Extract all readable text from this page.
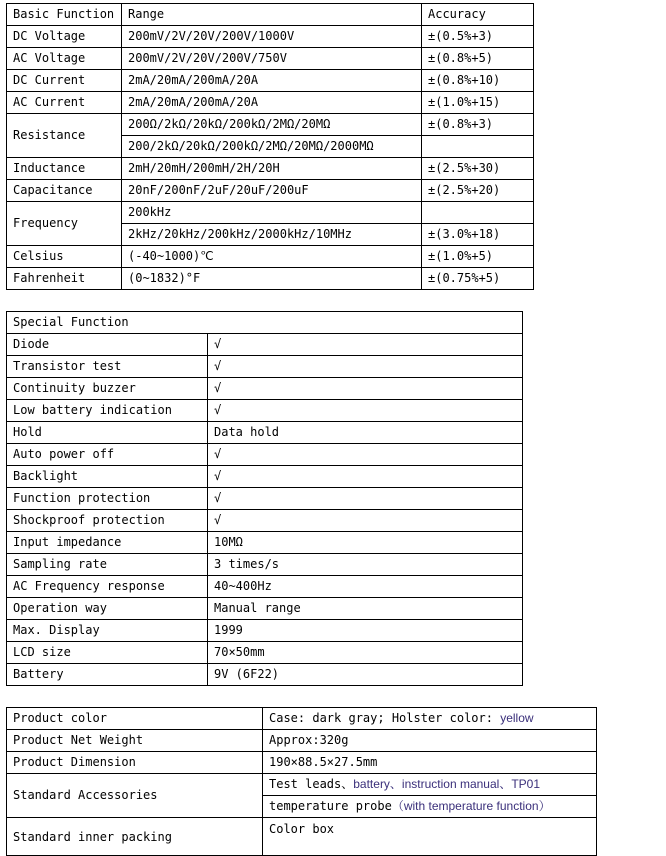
Basic Function	Range	Accuracy
DC Voltage	200mV/2V/20V/200V/1000V	±(0.5%+3)
AC Voltage	200mV/2V/20V/200V/750V	±(0.8%+5)
DC Current	2mA/20mA/200mA/20A	±(0.8%+10)
AC Current	2mA/20mA/200mA/20A	±(1.0%+15)
Resistance	200Ω/2kΩ/20kΩ/200kΩ/2MΩ/20MΩ	±(0.8%+3)
	200/2kΩ/20kΩ/200kΩ/2MΩ/20MΩ/2000MΩ	
Inductance	2mH/20mH/200mH/2H/20H	±(2.5%+30)
Capacitance	20nF/200nF/2uF/20uF/200uF	±(2.5%+20)
Frequency	200kHz	
	2kHz/20kHz/200kHz/2000kHz/10MHz	±(3.0%+18)
Celsius	(-40~1000)℃	±(1.0%+5)
Fahrenheit	(0~1832)°F	±(0.75%+5)
Special Function	
Diode	√
Transistor test	√
Continuity buzzer	√
Low battery indication	√
Hold	Data hold
Auto power off	√
Backlight	√
Function protection	√
Shockproof protection	√
Input impedance	10MΩ
Sampling rate	3 times/s
AC Frequency response	40~400Hz
Operation way	Manual range
Max. Display	1999
LCD size	70×50mm
Battery	9V (6F22)
Product color	Case: dark gray; Holster color: yellow
Product Net Weight	Approx:320g
Product Dimension	190×88.5×27.5mm
Standard Accessories	Test leads、battery、instruction manual、TP01
	temperature probe（with temperature function）
Standard inner packing	Color box
